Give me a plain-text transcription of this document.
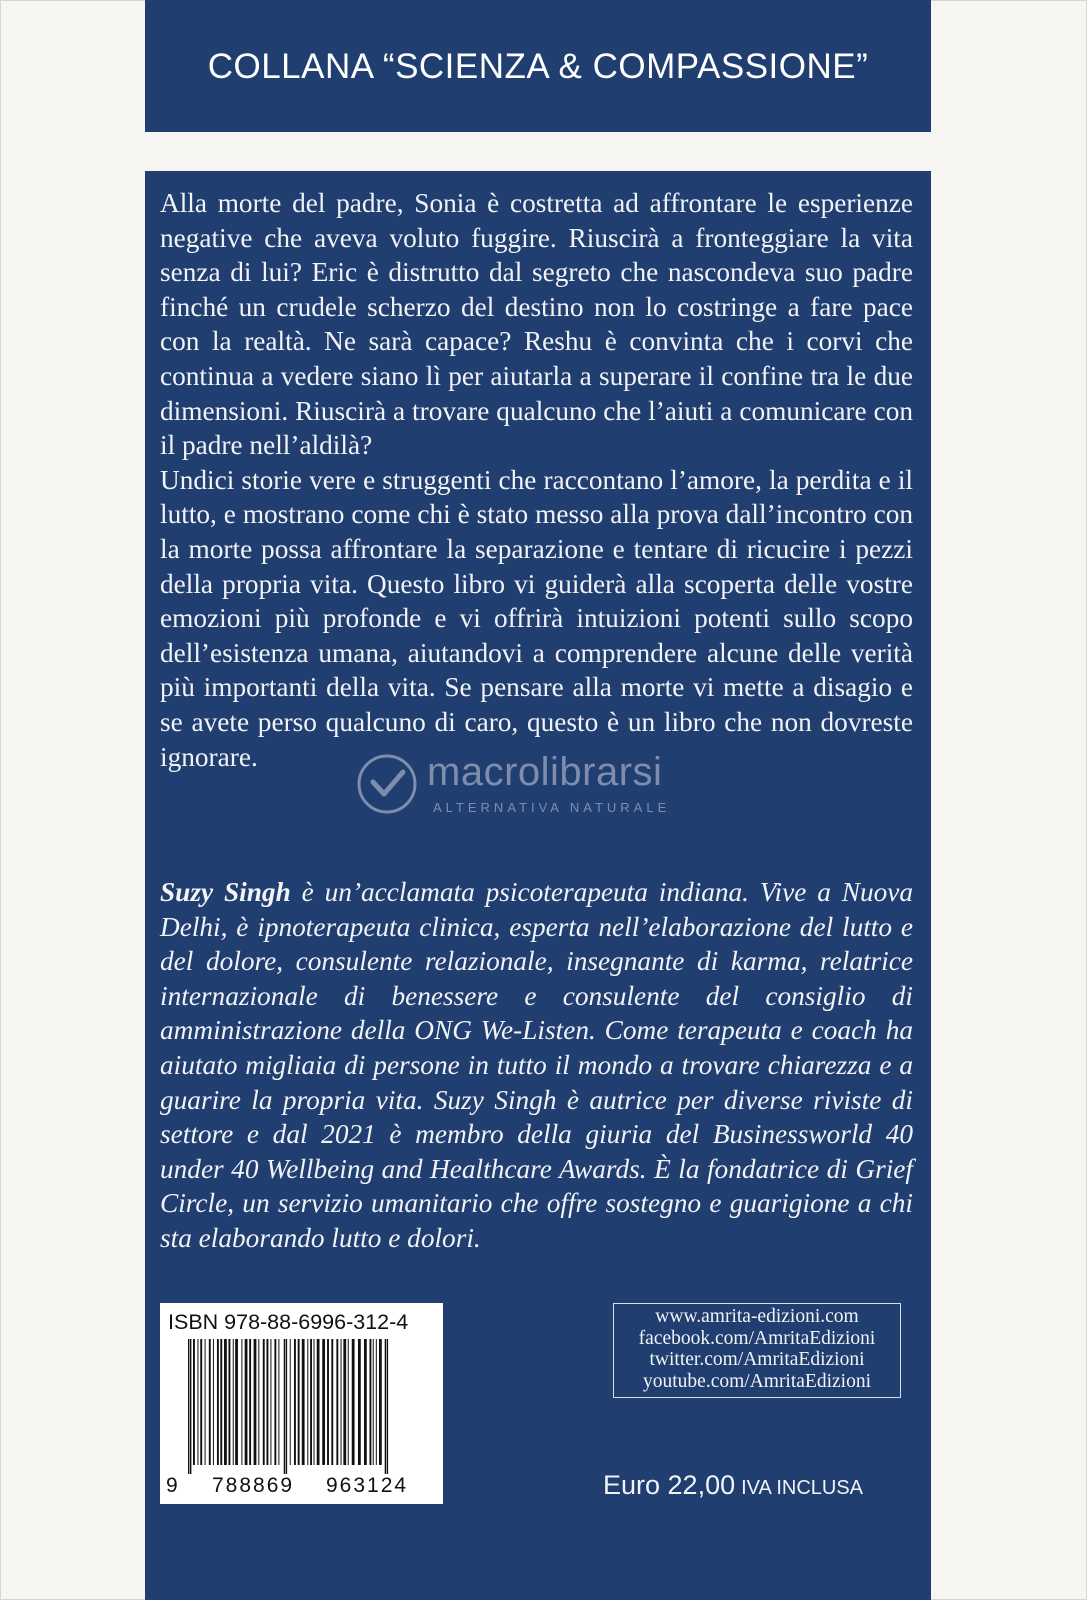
COLLANA “SCIENZA & COMPASSIONE”

Alla morte del padre, Sonia è costretta ad affrontare le esperienze negative che aveva voluto fuggire. Riuscirà a fronteggiare la vita senza di lui? Eric è distrutto dal segreto che nascondeva suo padre finché un crudele scherzo del destino non lo costringe a fare pace con la realtà. Ne sarà capace? Reshu è convinta che i corvi che continua a vedere siano lì per aiutarla a superare il confine tra le due dimensioni. Riuscirà a trovare qualcuno che l’aiuti a comunicare con il padre nell’aldilà?

Undici storie vere e struggenti che raccontano l’amore, la perdita e il lutto, e mostrano come chi è stato messo alla prova dall’incontro con la morte possa affrontare la separazione e tentare di ricucire i pezzi della propria vita. Questo libro vi guiderà alla scoperta delle vostre emozioni più profonde e vi offrirà intuizioni potenti sullo scopo dell’esistenza umana, aiutandovi a comprendere alcune delle verità più importanti della vita. Se pensare alla morte vi mette a disagio e se avete perso qualcuno di caro, questo è un libro che non dovreste ignorare.	macrolibrarsi
ALTERNATIVA NATURALE

Suzy Singh è un’acclamata psicoterapeuta indiana. Vive a Nuova Delhi, è ipnoterapeuta clinica, esperta nell’elaborazione del lutto e del dolore, consulente relazionale, insegnante di karma, relatrice internazionale di benessere e consulente del consiglio di amministrazione della ONG We-Listen. Come terapeuta e coach ha aiutato migliaia di persone in tutto il mondo a trovare chiarezza e a guarire la propria vita. Suzy Singh è autrice per diverse riviste di settore e dal 2021 è membro della giuria del Businessworld 40 under 40 Wellbeing and Healthcare Awards. È la fondatrice di Grief Circle, un servizio umanitario che offre sostegno e guarigione a chi sta elaborando lutto e dolori.

ISBN 978-88-6996-312-4
9 788869 963124
www.amrita-edizioni.com
facebook.com/AmritaEdizioni
twitter.com/AmritaEdizioni
youtube.com/AmritaEdizioni
Euro 22,00 IVA INCLUSA
